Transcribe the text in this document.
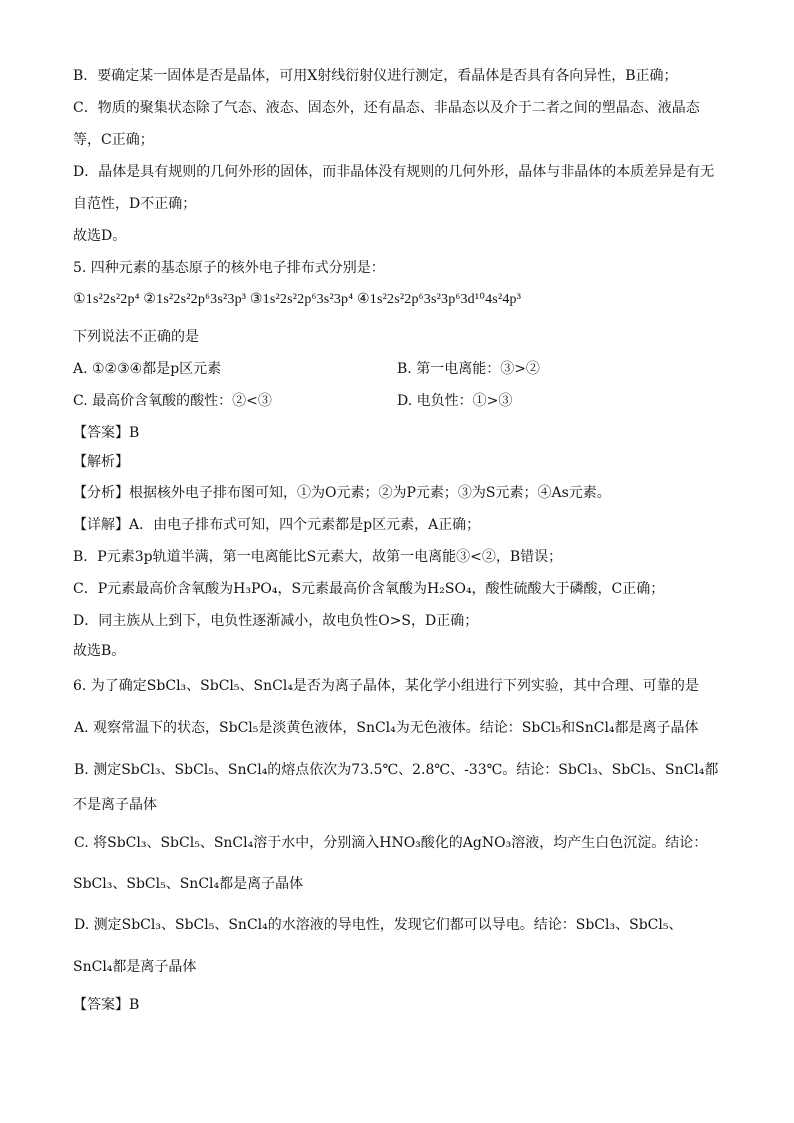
B．要确定某一固体是否是晶体，可用X射线衍射仪进行测定，看晶体是否具有各向异性，B正确；
C．物质的聚集状态除了气态、液态、固态外，还有晶态、非晶态以及介于二者之间的塑晶态、液晶态
等，C正确；
D．晶体是具有规则的几何外形的固体，而非晶体没有规则的几何外形，晶体与非晶体的本质差异是有无
自范性，D不正确；
故选D。
5. 四种元素的基态原子的核外电子排布式分别是：
①1s²2s²2p⁴ ②1s²2s²2p⁶3s²3p³ ③1s²2s²2p⁶3s²3p⁴ ④1s²2s²2p⁶3s²3p⁶3d¹⁰4s²4p³
下列说法不正确的是
A. ①②③④都是p区元素	B. 第一电离能：③>②
C. 最高价含氧酸的酸性：②<③	D. 电负性：①>③
【答案】B
【解析】
【分析】根据核外电子排布图可知，①为O元素；②为P元素；③为S元素；④As元素。
【详解】A．由电子排布式可知，四个元素都是p区元素，A正确；
B．P元素3p轨道半满，第一电离能比S元素大，故第一电离能③<②，B错误；
C．P元素最高价含氧酸为H₃PO₄，S元素最高价含氧酸为H₂SO₄，酸性硫酸大于磷酸，C正确；
D．同主族从上到下，电负性逐渐减小，故电负性O>S，D正确；
故选B。
6. 为了确定SbCl₃、SbCl₅、SnCl₄是否为离子晶体，某化学小组进行下列实验，其中合理、可靠的是
A. 观察常温下的状态，SbCl₅是淡黄色液体，SnCl₄为无色液体。结论：SbCl₅和SnCl₄都是离子晶体
B. 测定SbCl₃、SbCl₅、SnCl₄的熔点依次为73.5℃、2.8℃、-33℃。结论：SbCl₃、SbCl₅、SnCl₄都
不是离子晶体
C. 将SbCl₃、SbCl₅、SnCl₄溶于水中，分别滴入HNO₃酸化的AgNO₃溶液，均产生白色沉淀。结论：
SbCl₃、SbCl₅、SnCl₄都是离子晶体
D. 测定SbCl₃、SbCl₅、SnCl₄的水溶液的导电性，发现它们都可以导电。结论：SbCl₃、SbCl₅、
SnCl₄都是离子晶体
【答案】B
